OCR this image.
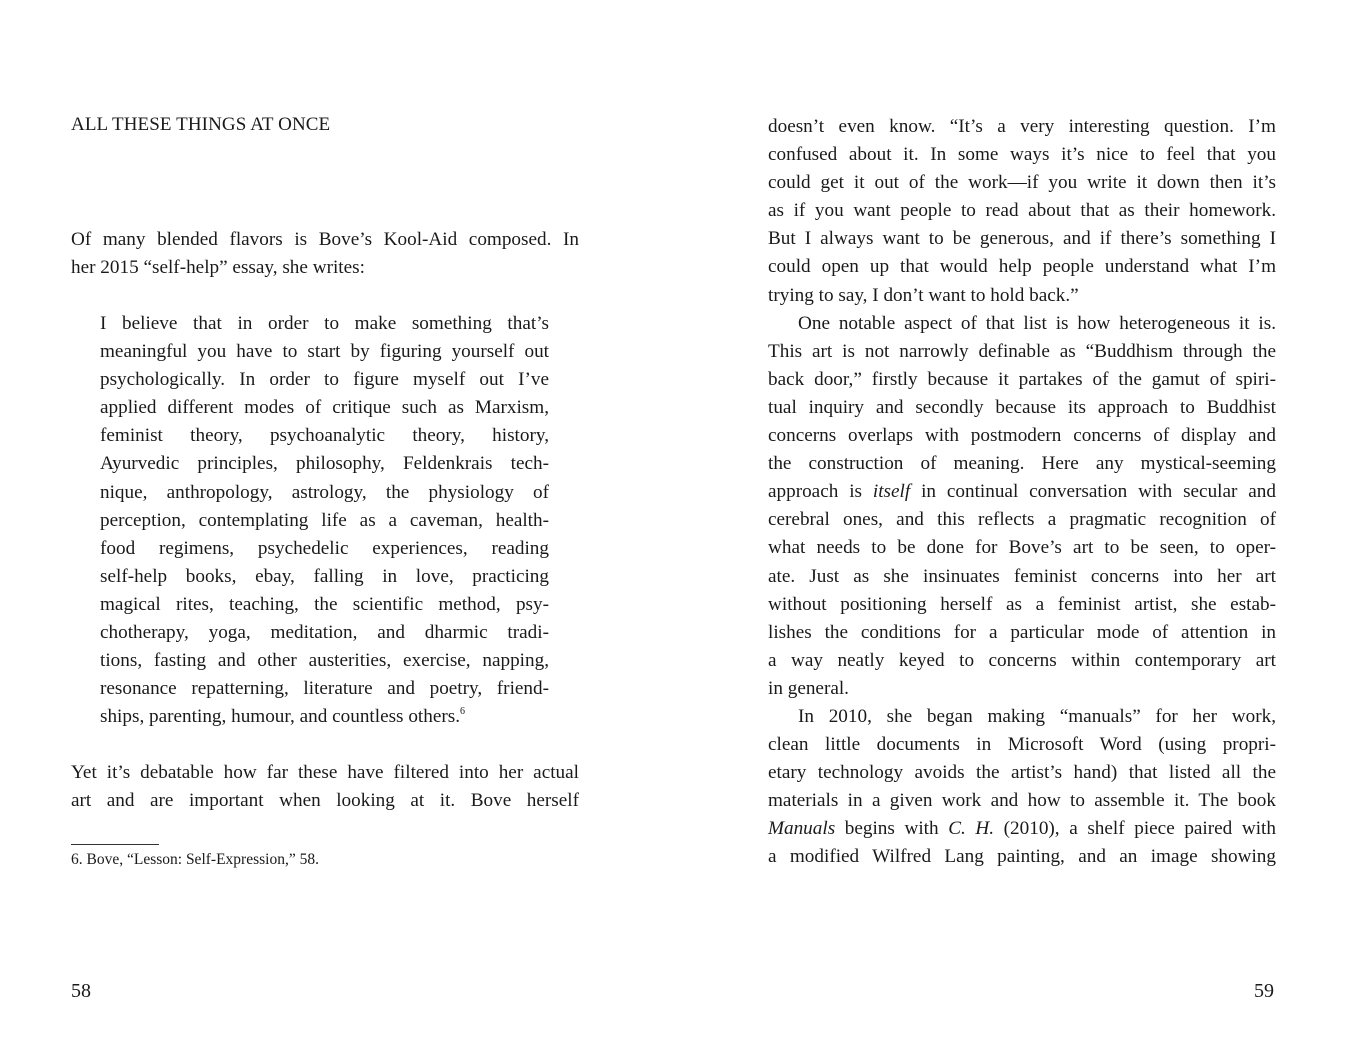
ALL THESE THINGS AT ONCE
Of many blended flavors is Bove’s Kool-Aid composed. In
her 2015 “self-help” essay, she writes:
I believe that in order to make something that’s
meaningful you have to start by figuring yourself out
psychologically. In order to figure myself out I’ve
applied different modes of critique such as Marxism,
feminist theory, psychoanalytic theory, history,
Ayurvedic principles, philosophy, Feldenkrais tech-
nique, anthropology, astrology, the physiology of
perception, contemplating life as a caveman, health-
food regimens, psychedelic experiences, reading
self-help books, ebay, falling in love, practicing
magical rites, teaching, the scientific method, psy-
chotherapy, yoga, meditation, and dharmic tradi-
tions, fasting and other austerities, exercise, napping,
resonance repatterning, literature and poetry, friend-
ships, parenting, humour, and countless others.$^6$
Yet it’s debatable how far these have filtered into her actual
art and are important when looking at it. Bove herself
6. Bove, “Lesson: Self-Expression,” 58.
58
doesn’t even know. “It’s a very interesting question. I’m
confused about it. In some ways it’s nice to feel that you
could get it out of the work—if you write it down then it’s
as if you want people to read about that as their homework.
But I always want to be generous, and if there’s something I
could open up that would help people understand what I’m
trying to say, I don’t want to hold back.”
One notable aspect of that list is how heterogeneous it is.
This art is not narrowly definable as “Buddhism through the
back door,” firstly because it partakes of the gamut of spiri-
tual inquiry and secondly because its approach to Buddhist
concerns overlaps with postmodern concerns of display and
the construction of meaning. Here any mystical-seeming
approach is itself in continual conversation with secular and
cerebral ones, and this reflects a pragmatic recognition of
what needs to be done for Bove’s art to be seen, to oper-
ate. Just as she insinuates feminist concerns into her art
without positioning herself as a feminist artist, she estab-
lishes the conditions for a particular mode of attention in
a way neatly keyed to concerns within contemporary art
in general.
In 2010, she began making “manuals” for her work,
clean little documents in Microsoft Word (using propri-
etary technology avoids the artist’s hand) that listed all the
materials in a given work and how to assemble it. The book
Manuals begins with C. H. (2010), a shelf piece paired with
a modified Wilfred Lang painting, and an image showing
59
